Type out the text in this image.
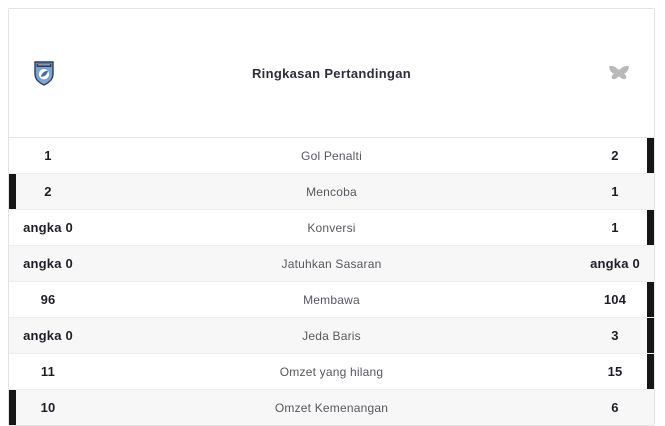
Ringkasan Pertandingan
1	Gol Penalti	2
2	Mencoba	1
angka 0	Konversi	1
angka 0	Jatuhkan Sasaran	angka 0
96	Membawa	104
angka 0	Jeda Baris	3
11	Omzet yang hilang	15
10	Omzet Kemenangan	6
